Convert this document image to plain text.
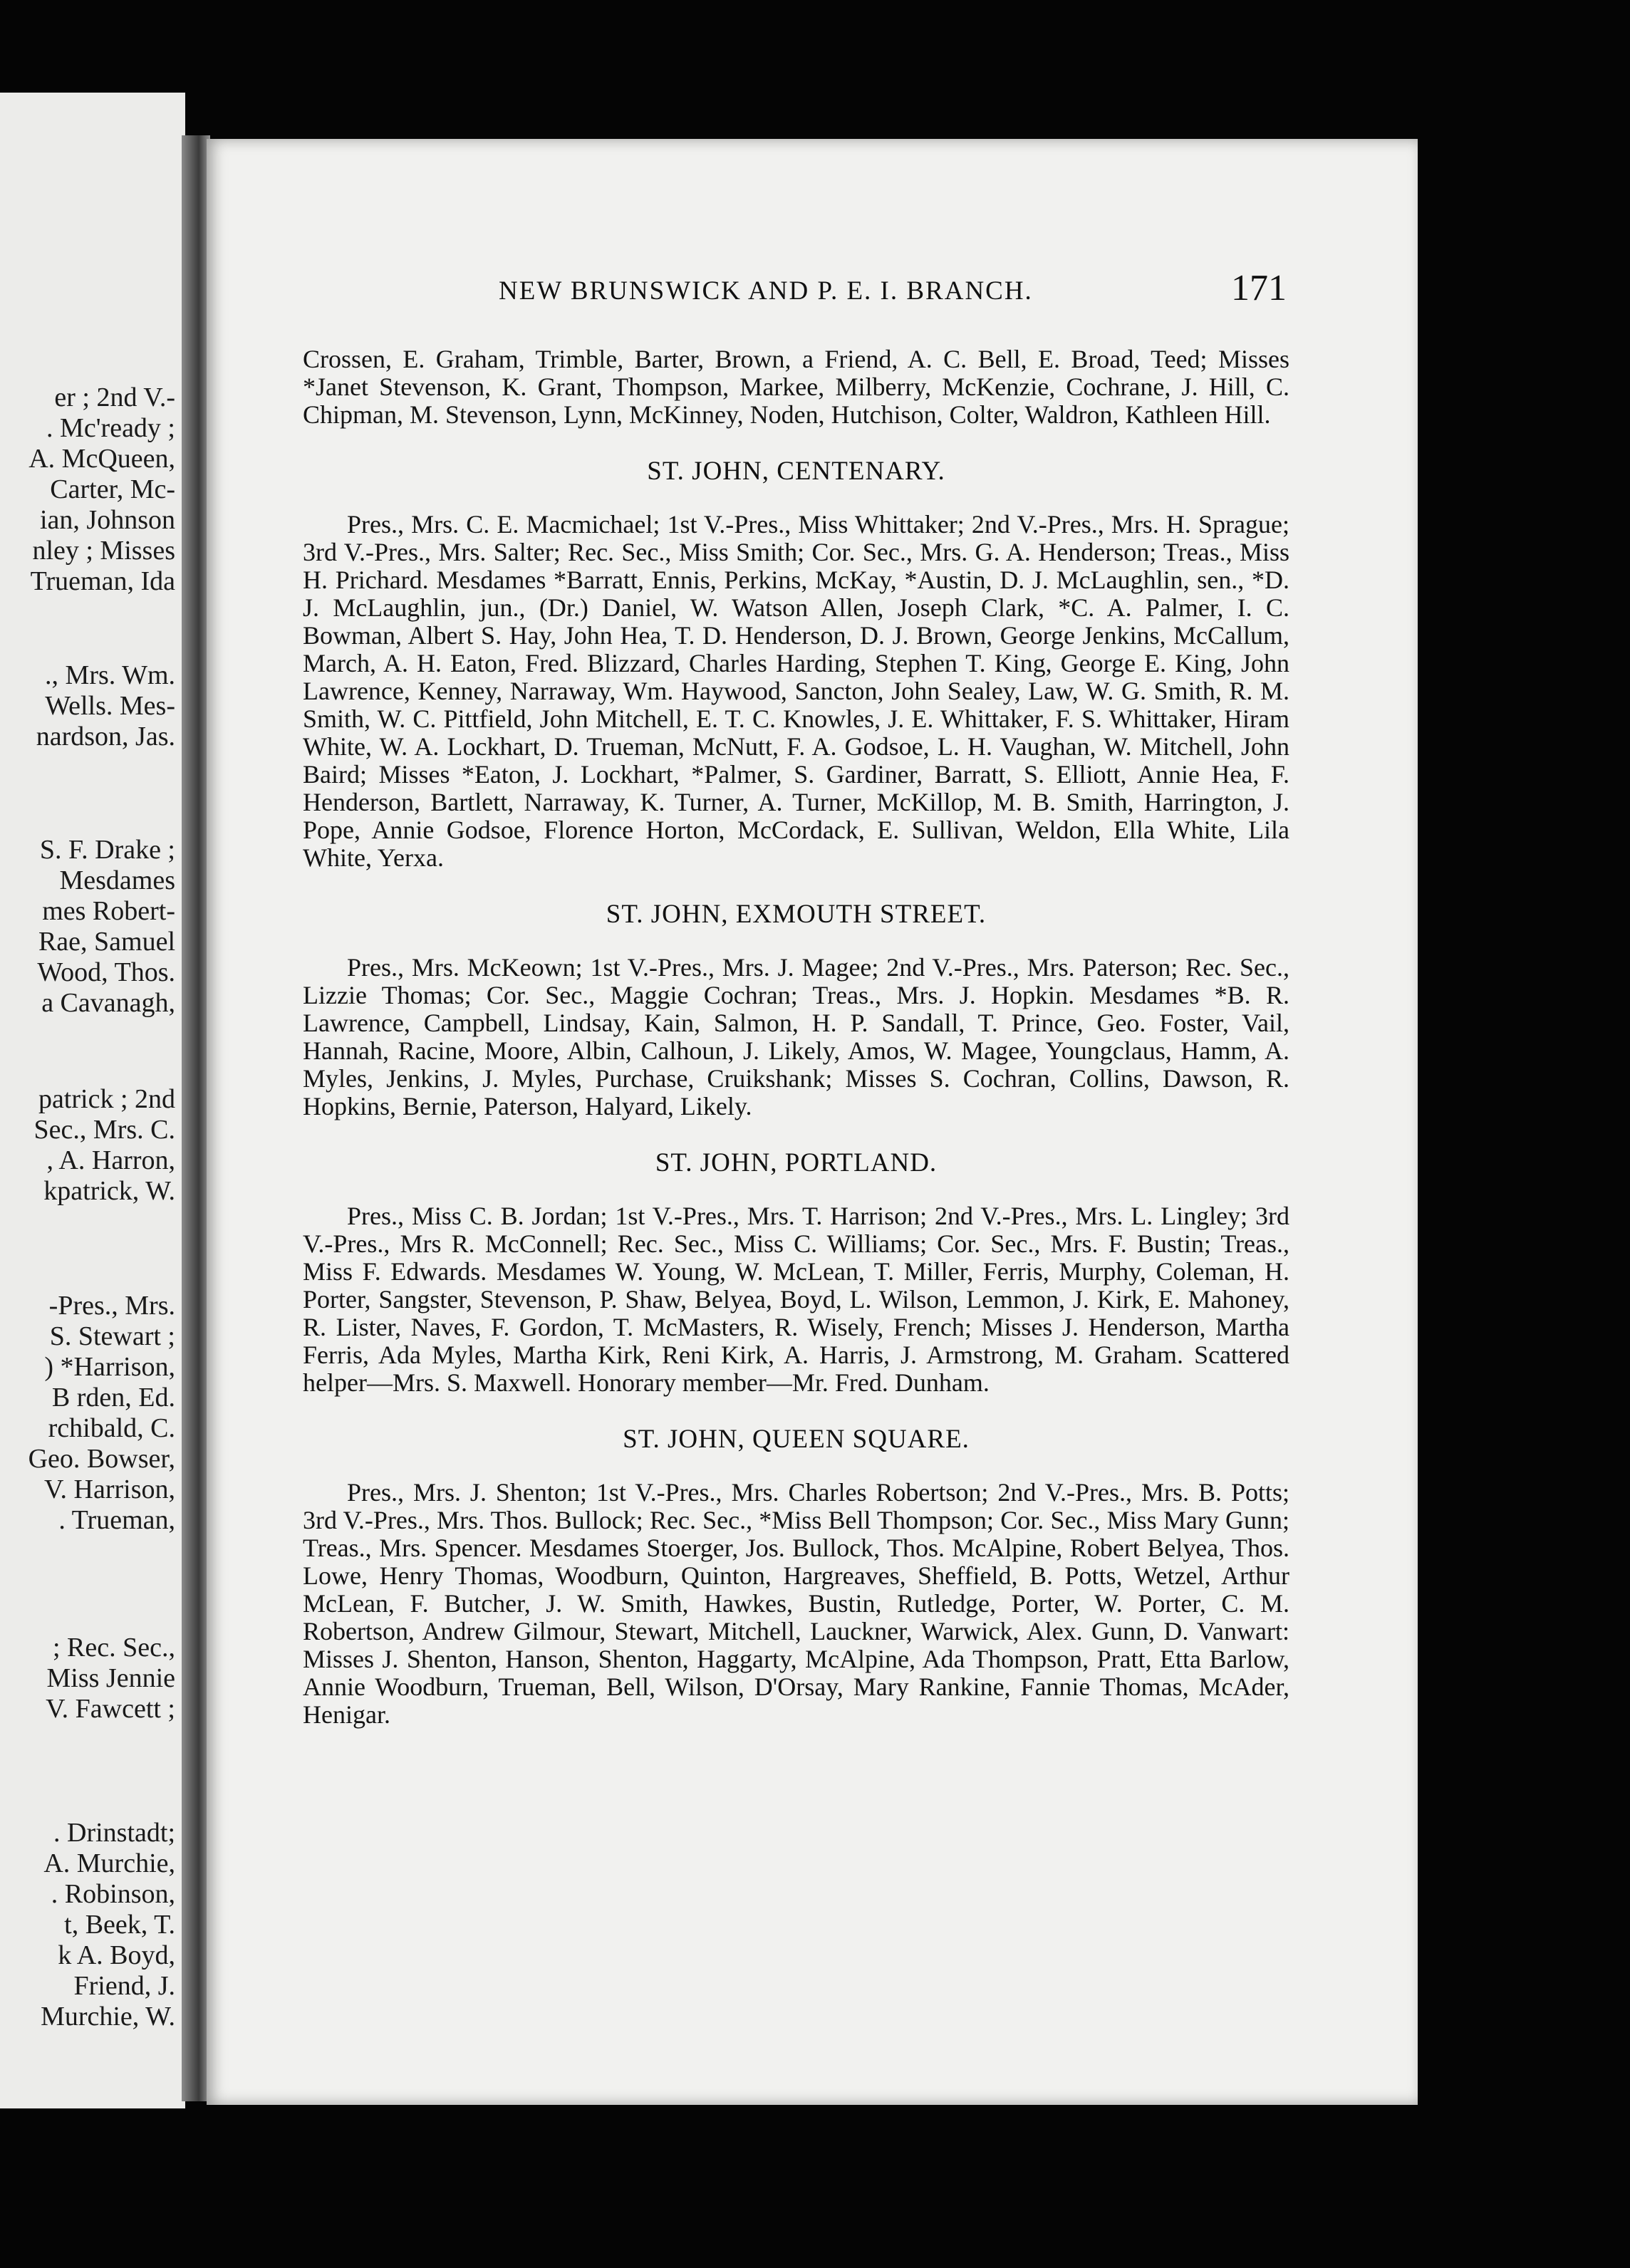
er ; 2nd V.-
. Mc'ready ;
A. McQueen,
Carter, Mc-
ian, Johnson
nley ; Misses
Trueman, Ida
., Mrs. Wm.
Wells. Mes-
nardson, Jas.
S. F. Drake ;
Mesdames
mes Robert-
Rae, Samuel
Wood, Thos.
a Cavanagh,
patrick ; 2nd
Sec., Mrs. C.
, A. Harron,
kpatrick, W.
-Pres., Mrs.
S. Stewart ;
) *Harrison,
B rden, Ed.
rchibald, C.
Geo. Bowser,
V. Harrison,
. Trueman,
; Rec. Sec.,
Miss Jennie
V. Fawcett ;
. Drinstadt;
A. Murchie,
. Robinson,
t, Beek, T.
k A. Boyd,
Friend, J.
Murchie, W.
NEW BRUNSWICK AND P. E. I. BRANCH.	171

Crossen, E. Graham, Trimble, Barter, Brown, a Friend, A. C. Bell, E. Broad, Teed; Misses *Janet Stevenson, K. Grant, Thompson, Markee, Milberry, McKenzie, Cochrane, J. Hill, C. Chipman, M. Stevenson, Lynn, McKinney, Noden, Hutchison, Colter, Waldron, Kathleen Hill.

ST. JOHN, CENTENARY.

Pres., Mrs. C. E. Macmichael; 1st V.-Pres., Miss Whittaker; 2nd V.-Pres., Mrs. H. Sprague; 3rd V.-Pres., Mrs. Salter; Rec. Sec., Miss Smith; Cor. Sec., Mrs. G. A. Henderson; Treas., Miss H. Prichard. Mesdames *Barratt, Ennis, Perkins, McKay, *Austin, D. J. McLaughlin, sen., *D. J. McLaughlin, jun., (Dr.) Daniel, W. Watson Allen, Joseph Clark, *C. A. Palmer, I. C. Bowman, Albert S. Hay, John Hea, T. D. Henderson, D. J. Brown, George Jenkins, McCallum, March, A. H. Eaton, Fred. Blizzard, Charles Harding, Stephen T. King, George E. King, John Lawrence, Kenney, Narraway, Wm. Haywood, Sancton, John Sealey, Law, W. G. Smith, R. M. Smith, W. C. Pittfield, John Mitchell, E. T. C. Knowles, J. E. Whittaker, F. S. Whittaker, Hiram White, W. A. Lockhart, D. Trueman, McNutt, F. A. Godsoe, L. H. Vaughan, W. Mitchell, John Baird; Misses *Eaton, J. Lockhart, *Palmer, S. Gardiner, Barratt, S. Elliott, Annie Hea, F. Henderson, Bartlett, Narraway, K. Turner, A. Turner, McKillop, M. B. Smith, Harrington, J. Pope, Annie Godsoe, Florence Horton, McCordack, E. Sullivan, Weldon, Ella White, Lila White, Yerxa.

ST. JOHN, EXMOUTH STREET.

Pres., Mrs. McKeown; 1st V.-Pres., Mrs. J. Magee; 2nd V.-Pres., Mrs. Paterson; Rec. Sec., Lizzie Thomas; Cor. Sec., Maggie Cochran; Treas., Mrs. J. Hopkin. Mesdames *B. R. Lawrence, Campbell, Lindsay, Kain, Salmon, H. P. Sandall, T. Prince, Geo. Foster, Vail, Hannah, Racine, Moore, Albin, Calhoun, J. Likely, Amos, W. Magee, Youngclaus, Hamm, A. Myles, Jenkins, J. Myles, Purchase, Cruikshank; Misses S. Cochran, Collins, Dawson, R. Hopkins, Bernie, Paterson, Halyard, Likely.

ST. JOHN, PORTLAND.

Pres., Miss C. B. Jordan; 1st V.-Pres., Mrs. T. Harrison; 2nd V.-Pres., Mrs. L. Lingley; 3rd V.-Pres., Mrs R. McConnell; Rec. Sec., Miss C. Williams; Cor. Sec., Mrs. F. Bustin; Treas., Miss F. Edwards. Mesdames W. Young, W. McLean, T. Miller, Ferris, Murphy, Coleman, H. Porter, Sangster, Stevenson, P. Shaw, Belyea, Boyd, L. Wilson, Lemmon, J. Kirk, E. Mahoney, R. Lister, Naves, F. Gordon, T. McMasters, R. Wisely, French; Misses J. Henderson, Martha Ferris, Ada Myles, Martha Kirk, Reni Kirk, A. Harris, J. Armstrong, M. Graham. Scattered helper—Mrs. S. Maxwell. Honorary member—Mr. Fred. Dunham.

ST. JOHN, QUEEN SQUARE.

Pres., Mrs. J. Shenton; 1st V.-Pres., Mrs. Charles Robertson; 2nd V.-Pres., Mrs. B. Potts; 3rd V.-Pres., Mrs. Thos. Bullock; Rec. Sec., *Miss Bell Thompson; Cor. Sec., Miss Mary Gunn; Treas., Mrs. Spencer. Mesdames Stoerger, Jos. Bullock, Thos. McAlpine, Robert Belyea, Thos. Lowe, Henry Thomas, Woodburn, Quinton, Hargreaves, Sheffield, B. Potts, Wetzel, Arthur McLean, F. Butcher, J. W. Smith, Hawkes, Bustin, Rutledge, Porter, W. Porter, C. M. Robertson, Andrew Gilmour, Stewart, Mitchell, Lauckner, Warwick, Alex. Gunn, D. Vanwart: Misses J. Shenton, Hanson, Shenton, Haggarty, McAlpine, Ada Thompson, Pratt, Etta Barlow, Annie Woodburn, Trueman, Bell, Wilson, D'Orsay, Mary Rankine, Fannie Thomas, McAder, Henigar.
